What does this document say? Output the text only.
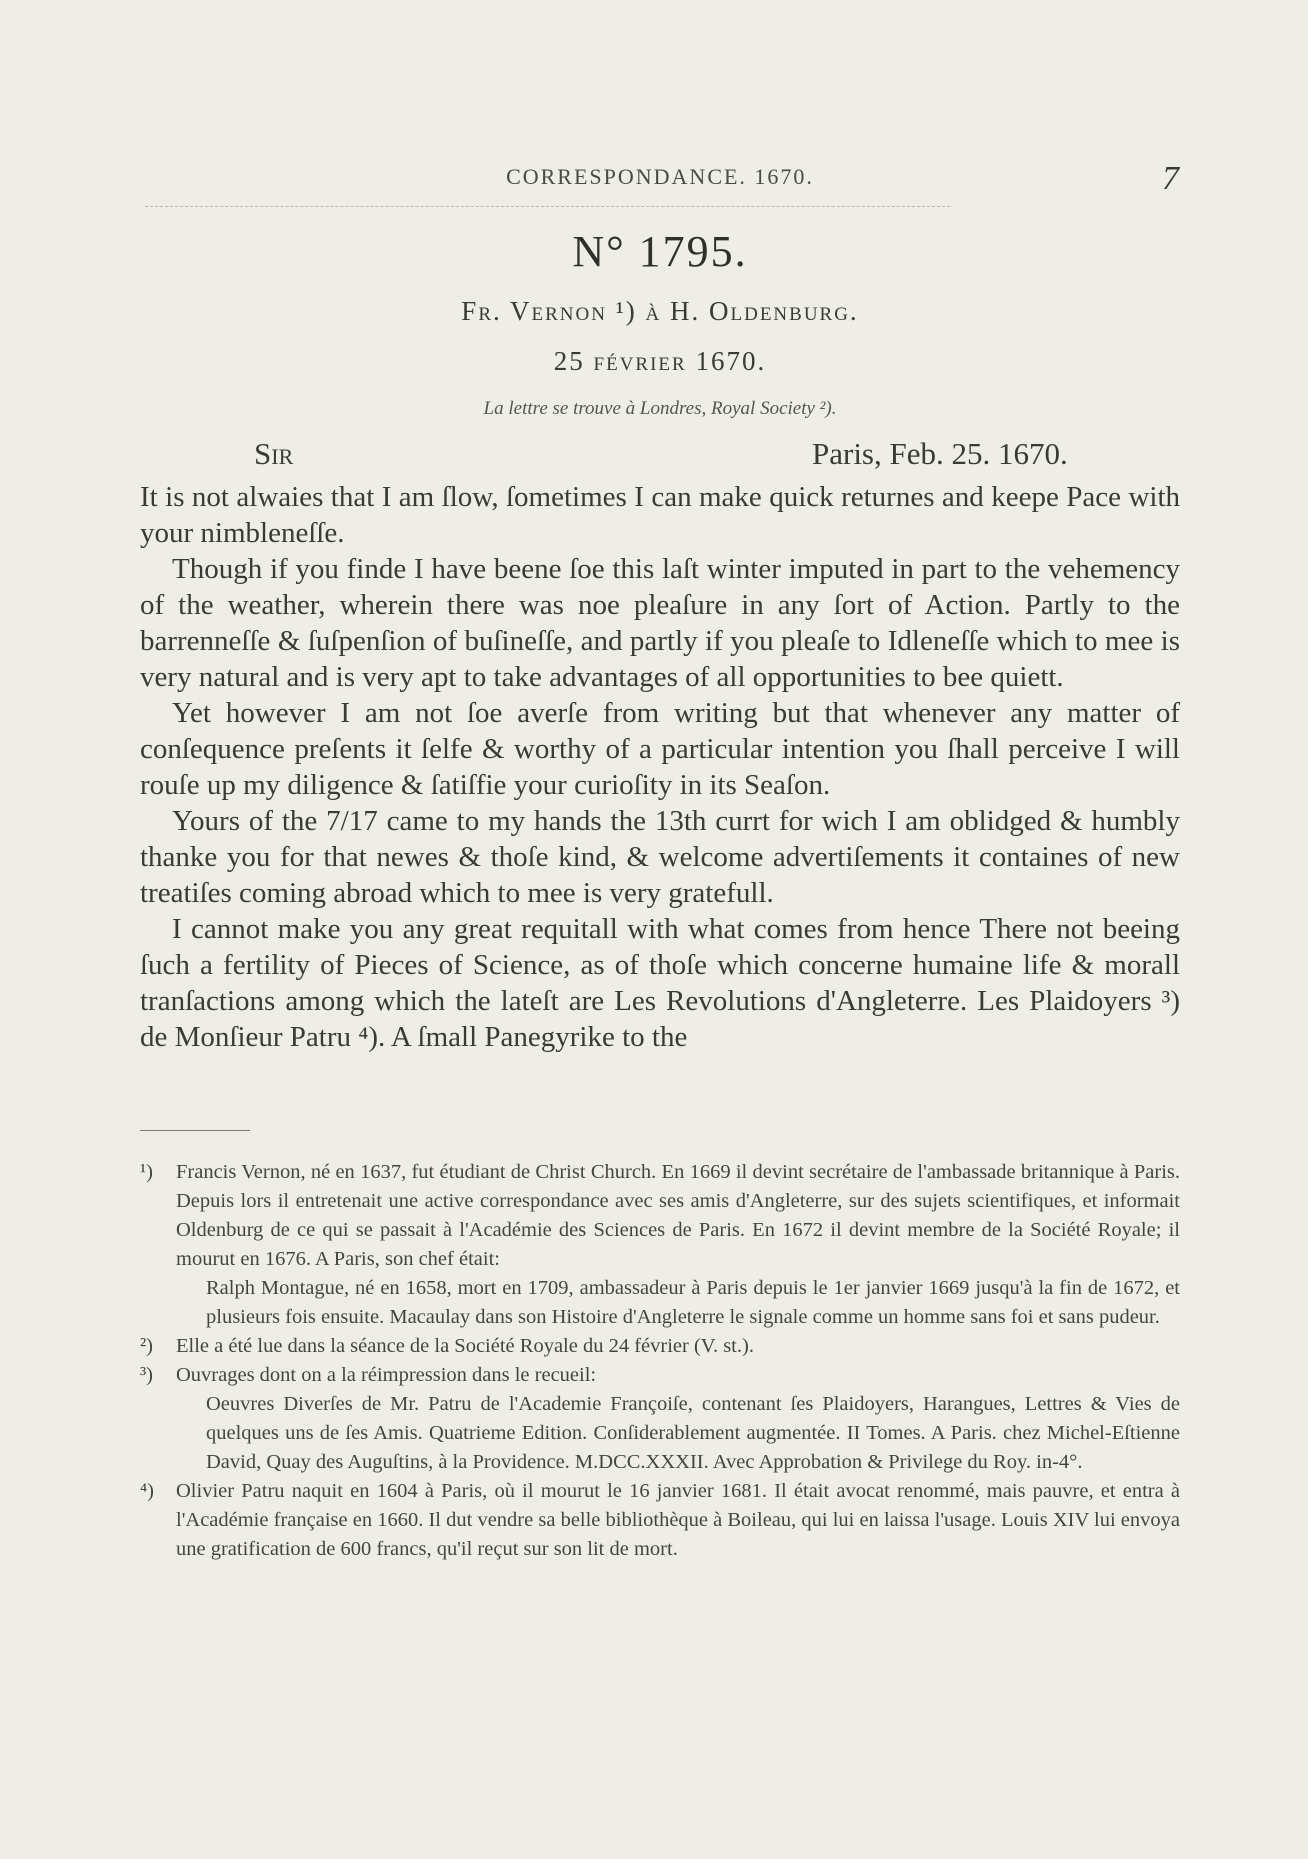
CORRESPONDANCE. 1670.	7
N° 1795.
Fr. Vernon ¹) à H. Oldenburg.
25 février 1670.
La lettre se trouve à Londres, Royal Society ²).
Sir	Paris, Feb. 25. 1670.

It is not alwaies that I am ſlow, ſometimes I can make quick returnes and keepe Pace with your nimbleneſſe.

Though if you finde I have beene ſoe this laſt winter imputed in part to the vehemency of the weather, wherein there was noe pleaſure in any ſort of Action. Partly to the barrenneſſe & ſuſpenſion of buſineſſe, and partly if you pleaſe to Idleneſſe which to mee is very natural and is very apt to take advantages of all opportunities to bee quiett.

Yet however I am not ſoe averſe from writing but that whenever any matter of conſequence preſents it ſelfe & worthy of a particular intention you ſhall perceive I will rouſe up my diligence & ſatiſfie your curioſity in its Seaſon.

Yours of the 7/17 came to my hands the 13th currt for wich I am oblidged & humbly thanke you for that newes & thoſe kind, & welcome advertiſements it containes of new treatiſes coming abroad which to mee is very gratefull.

I cannot make you any great requitall with what comes from hence There not beeing ſuch a fertility of Pieces of Science, as of thoſe which concerne humaine life & morall tranſactions among which the lateſt are Les Revolutions d'Angleterre. Les Plaidoyers ³) de Monſieur Patru ⁴). A ſmall Panegyrike to the

¹) Francis Vernon, né en 1637, fut étudiant de Christ Church. En 1669 il devint secrétaire de l'ambassade britannique à Paris. Depuis lors il entretenait une active correspondance avec ses amis d'Angleterre, sur des sujets scientifiques, et informait Oldenburg de ce qui se passait à l'Académie des Sciences de Paris. En 1672 il devint membre de la Société Royale; il mourut en 1676. A Paris, son chef était:
Ralph Montague, né en 1658, mort en 1709, ambassadeur à Paris depuis le 1er janvier 1669 jusqu'à la fin de 1672, et plusieurs fois ensuite. Macaulay dans son Histoire d'Angleterre le signale comme un homme sans foi et sans pudeur.
²) Elle a été lue dans la séance de la Société Royale du 24 février (V. st.).
³) Ouvrages dont on a la réimpression dans le recueil:
Oeuvres Diverſes de Mr. Patru de l'Academie Françoiſe, contenant ſes Plaidoyers, Harangues, Lettres & Vies de quelques uns de ſes Amis. Quatrieme Edition. Conſiderablement augmentée. II Tomes. A Paris. chez Michel-Eſtienne David, Quay des Auguſtins, à la Providence. M.DCC.XXXII. Avec Approbation & Privilege du Roy. in-4°.
⁴) Olivier Patru naquit en 1604 à Paris, où il mourut le 16 janvier 1681. Il était avocat renommé, mais pauvre, et entra à l'Académie française en 1660. Il dut vendre sa belle bibliothèque à Boileau, qui lui en laissa l'usage. Louis XIV lui envoya une gratification de 600 francs, qu'il reçut sur son lit de mort.
